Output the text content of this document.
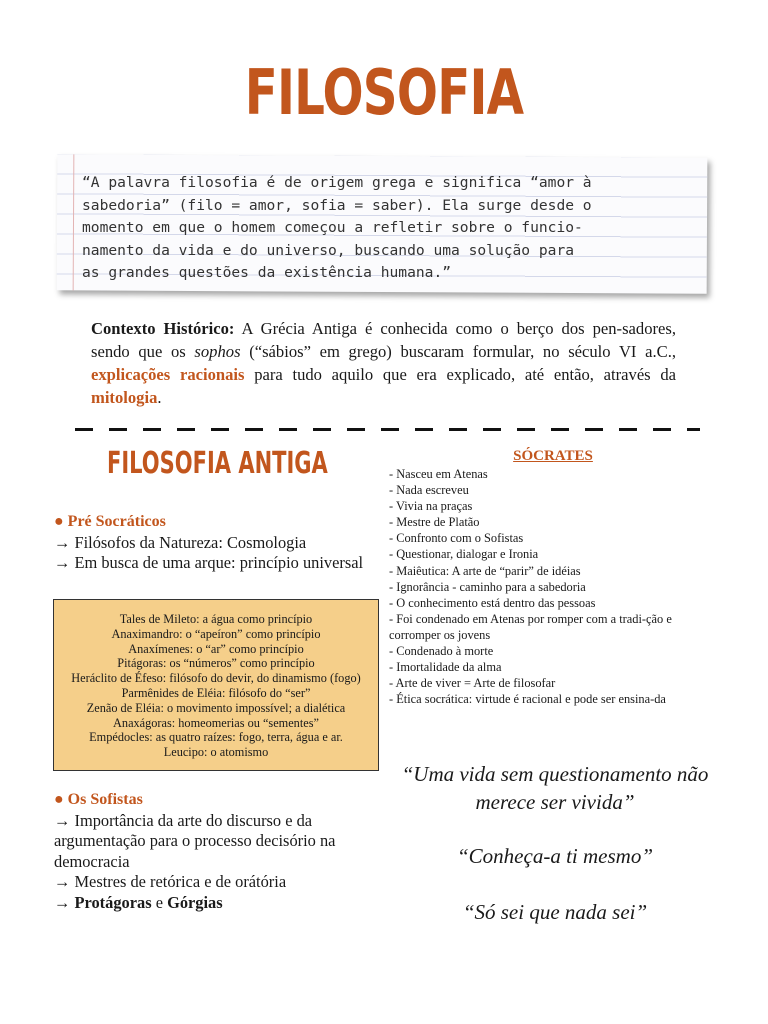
FILOSOFIA
“A palavra filosofia é de origem grega e significa “amor à
sabedoria” (filo = amor, sofia = saber). Ela surge desde o
momento em que o homem começou a refletir sobre o funcio-
namento da vida e do universo, buscando uma solução para
as grandes questões da existência humana.”
Contexto Histórico: A Grécia Antiga é conhecida como o berço dos pen-sadores, sendo que os sophos (“sábios” em grego) buscaram formular, no século VI a.C., explicações racionais para tudo aquilo que era explicado, até então, através da mitologia.
FILOSOFIA ANTIGA
● Pré Socráticos
→ Filósofos da Natureza: Cosmologia
→ Em busca de uma arque: princípio universal
Tales de Mileto: a água como princípio
Anaximandro: o “apeíron” como princípio
Anaxímenes: o “ar” como princípio
Pitágoras: os “números” como princípio
Heráclito de Éfeso: filósofo do devir, do dinamismo (fogo)
Parmênides de Eléia: filósofo do “ser”
Zenão de Eléia: o movimento impossível; a dialética
Anaxágoras: homeomerias ou “sementes”
Empédocles: as quatro raízes: fogo, terra, água e ar.
Leucipo: o atomismo
● Os Sofistas
→ Importância da arte do discurso e da argumentação para o processo decisório na democracia
→ Mestres de retórica e de orátória
→ Protágoras e Górgias
SÓCRATES
- Nasceu em Atenas
- Nada escreveu
- Vivia na praças
- Mestre de Platão
- Confronto com o Sofistas
- Questionar, dialogar e Ironia
- Maiêutica: A arte de “parir” de idéias
- Ignorância - caminho para a sabedoria
- O conhecimento está dentro das pessoas
- Foi condenado em Atenas por romper com a tradi-ção e corromper os jovens
- Condenado à morte
- Imortalidade da alma
- Arte de viver = Arte de filosofar
- Ética socrática: virtude é racional e pode ser ensina-da
“Uma vida sem questionamento não merece ser vivida”
“Conheça-a ti mesmo”
“Só sei que nada sei”
